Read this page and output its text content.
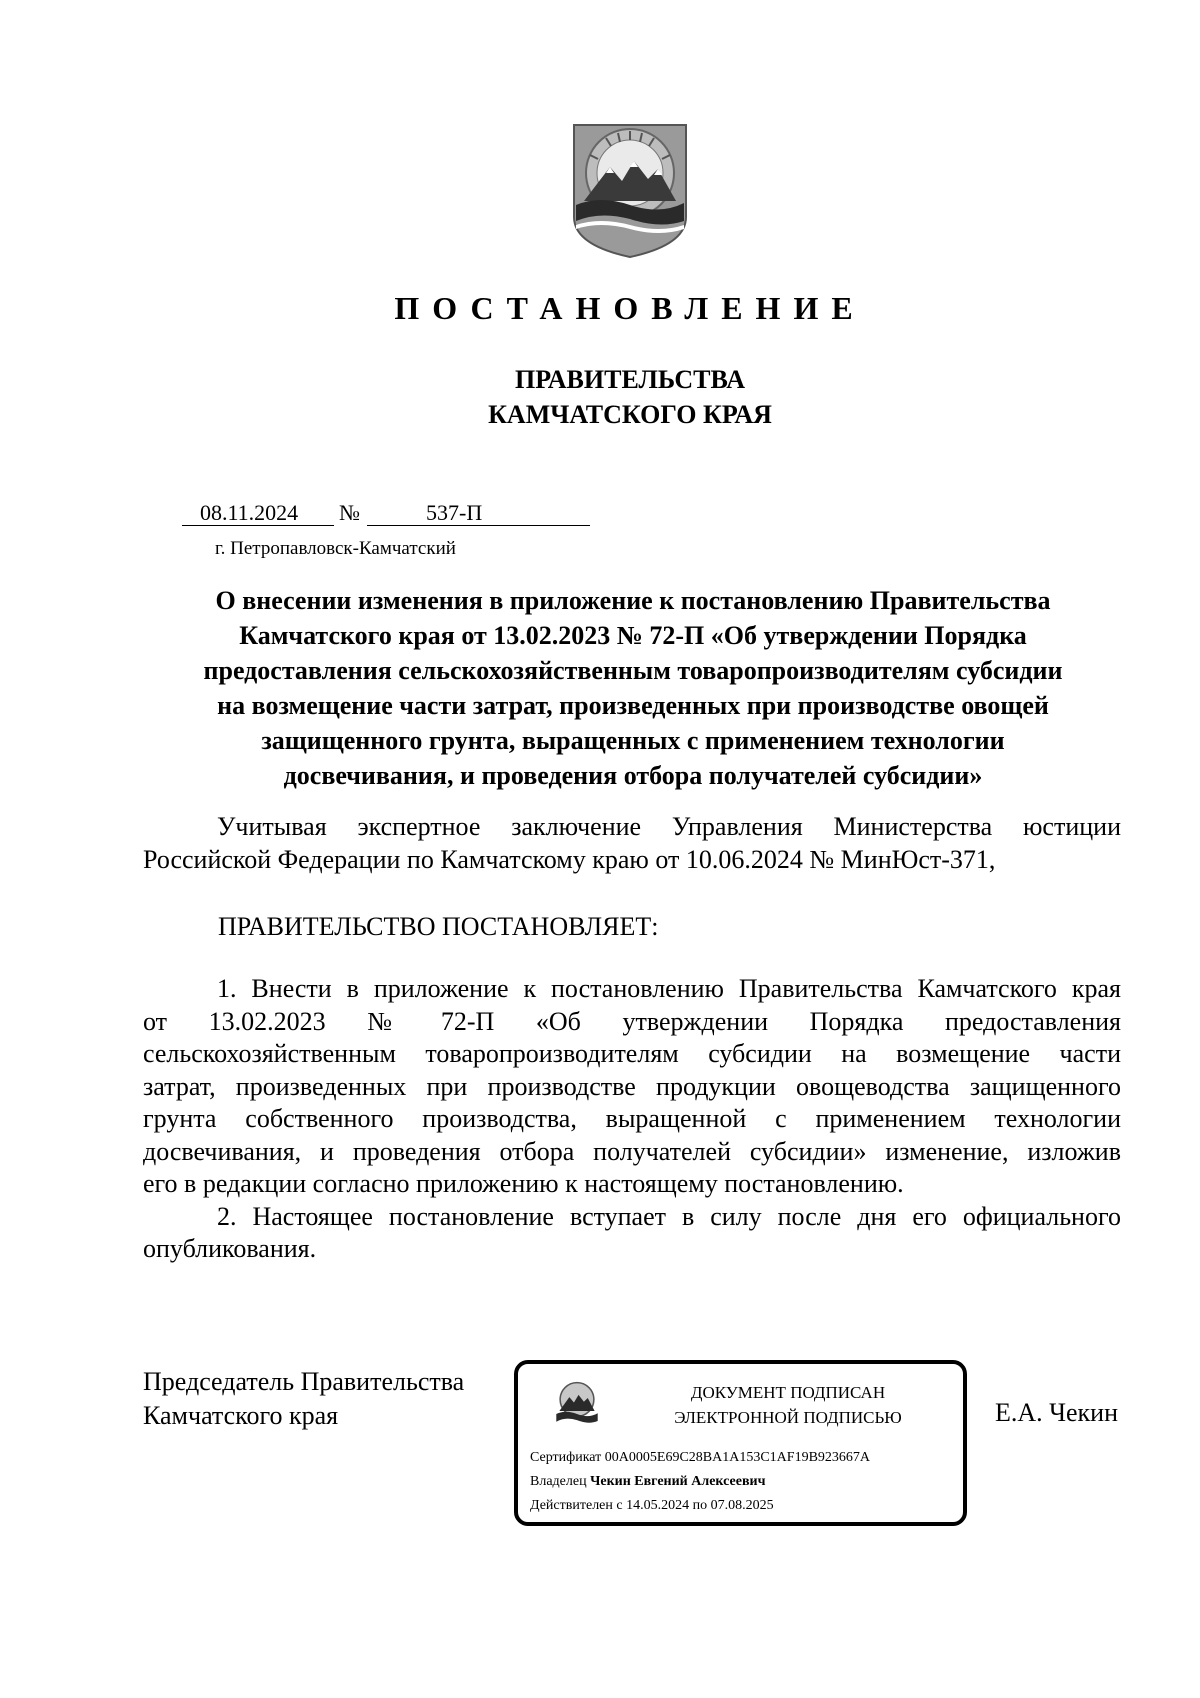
ПОСТАНОВЛЕНИЕ
ПРАВИТЕЛЬСТВА
КАМЧАТСКОГО КРАЯ
08.11.2024 №	537-П
г. Петропавловск-Камчатский
О внесении изменения в приложение к постановлению Правительства
Камчатского края от 13.02.2023 № 72-П «Об утверждении Порядка
предоставления сельскохозяйственным товаропроизводителям субсидии
на возмещение части затрат, произведенных при производстве овощей
защищенного грунта, выращенных с применением технологии
досвечивания, и проведения отбора получателей субсидии»
Учитывая экспертное заключение Управления Министерства юстиции
Российской Федерации по Камчатскому краю от 10.06.2024 № МинЮст-371,
ПРАВИТЕЛЬСТВО ПОСТАНОВЛЯЕТ:
1. Внести в приложение к постановлению Правительства Камчатского края
от 13.02.2023 № 72-П «Об утверждении Порядка предоставления
сельскохозяйственным товаропроизводителям субсидии на возмещение части
затрат, произведенных при производстве продукции овощеводства защищенного
грунта собственного производства, выращенной с применением технологии
досвечивания, и проведения отбора получателей субсидии» изменение, изложив
его в редакции согласно приложению к настоящему постановлению.
2. Настоящее постановление вступает в силу после дня его официального
опубликования.
Председатель Правительства
Камчатского края
ДОКУМЕНТ ПОДПИСАН
ЭЛЕКТРОННОЙ ПОДПИСЬЮ
Сертификат 00A0005E69C28BA1A153C1AF19B923667A
Владелец Чекин Евгений Алексеевич
Действителен с 14.05.2024 по 07.08.2025
Е.А. Чекин
